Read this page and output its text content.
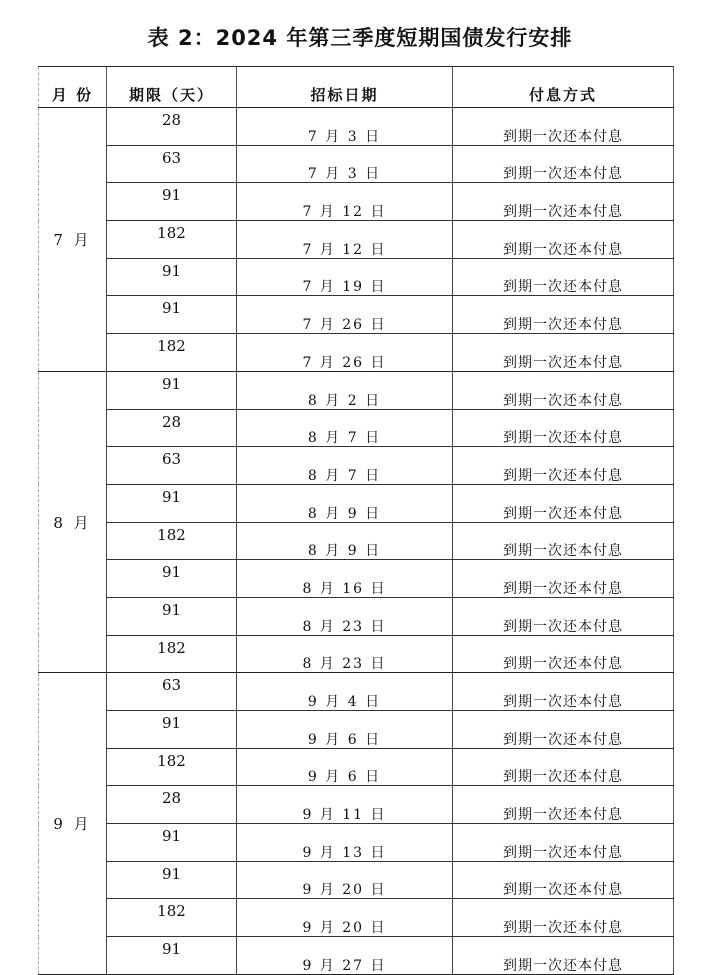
表 2：2024 年第三季度短期国债发行安排
月 份	期限（天）	招标日期	付息方式
7 月	28	7 月 3 日	到期一次还本付息
	63	7 月 3 日	到期一次还本付息
	91	7 月 12 日	到期一次还本付息
	182	7 月 12 日	到期一次还本付息
	91	7 月 19 日	到期一次还本付息
	91	7 月 26 日	到期一次还本付息
	182	7 月 26 日	到期一次还本付息
8 月	91	8 月 2 日	到期一次还本付息
	28	8 月 7 日	到期一次还本付息
	63	8 月 7 日	到期一次还本付息
	91	8 月 9 日	到期一次还本付息
	182	8 月 9 日	到期一次还本付息
	91	8 月 16 日	到期一次还本付息
	91	8 月 23 日	到期一次还本付息
	182	8 月 23 日	到期一次还本付息
9 月	63	9 月 4 日	到期一次还本付息
	91	9 月 6 日	到期一次还本付息
	182	9 月 6 日	到期一次还本付息
	28	9 月 11 日	到期一次还本付息
	91	9 月 13 日	到期一次还本付息
	91	9 月 20 日	到期一次还本付息
	182	9 月 20 日	到期一次还本付息
	91	9 月 27 日	到期一次还本付息
